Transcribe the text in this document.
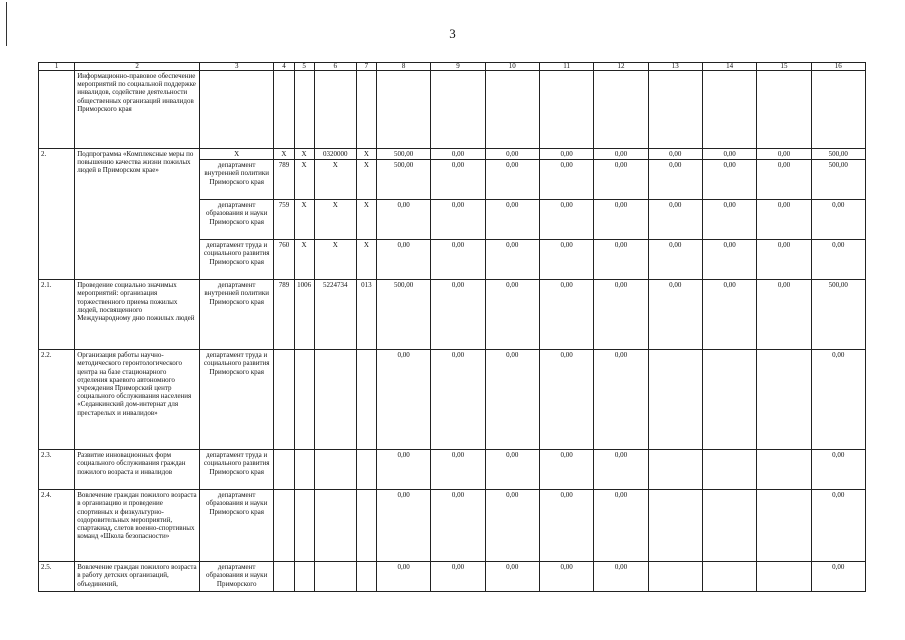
3
1	2	3	4	5	6	7	8	9	10	11	12	13	14	15	16
	Информационно-правовое обеспечение мероприятий по социальной поддержке инвалидов, содействие деятельности общественных организаций инвалидов Приморского края														
2.	Подпрограмма «Комплексные меры по повышению качества жизни пожилых людей в Приморском крае»	X	X	X	0320000	X	500,00	0,00	0,00	0,00	0,00	0,00	0,00	0,00	500,00
		департамент внутренней политики Приморского края	789	X	X	X	500,00	0,00	0,00	0,00	0,00	0,00	0,00	0,00	500,00
		департамент образования и науки Приморского края	759	X	X	X	0,00	0,00	0,00	0,00	0,00	0,00	0,00	0,00	0,00
		департамент труда и социального развития Приморского края	760	X	X	X	0,00	0,00	0,00	0,00	0,00	0,00	0,00	0,00	0,00
2.1.	Проведение социально значимых мероприятий: организация торжественного приема пожилых людей, посвященного Международному дню пожилых людей	департамент внутренней политики Приморского края	789	1006	5224734	013	500,00	0,00	0,00	0,00	0,00	0,00	0,00	0,00	500,00
2.2.	Организация работы научно-методического геронтологического центра на базе стационарного отделения краевого автономного учреждения Приморский центр социального обслуживания населения «Седанкинский дом-интернат для престарелых и инвалидов»	департамент труда и социального развития Приморского края					0,00	0,00	0,00	0,00	0,00				0,00
2.3.	Развитие инновационных форм социального обслуживания граждан пожилого возраста и инвалидов	департамент труда и социального развития Приморского края					0,00	0,00	0,00	0,00	0,00				0,00
2.4.	Вовлечение граждан пожилого возраста в организацию и проведение спортивных и физкультурно-оздоровительных мероприятий, спартакиад, слетов военно-спортивных команд «Школа безопасности»	департамент образования и науки Приморского края					0,00	0,00	0,00	0,00	0,00				0,00
2.5.	Вовлечение граждан пожилого возраста в работу детских организаций, объединений,	департамент образования и науки Приморского					0,00	0,00	0,00	0,00	0,00				0,00
